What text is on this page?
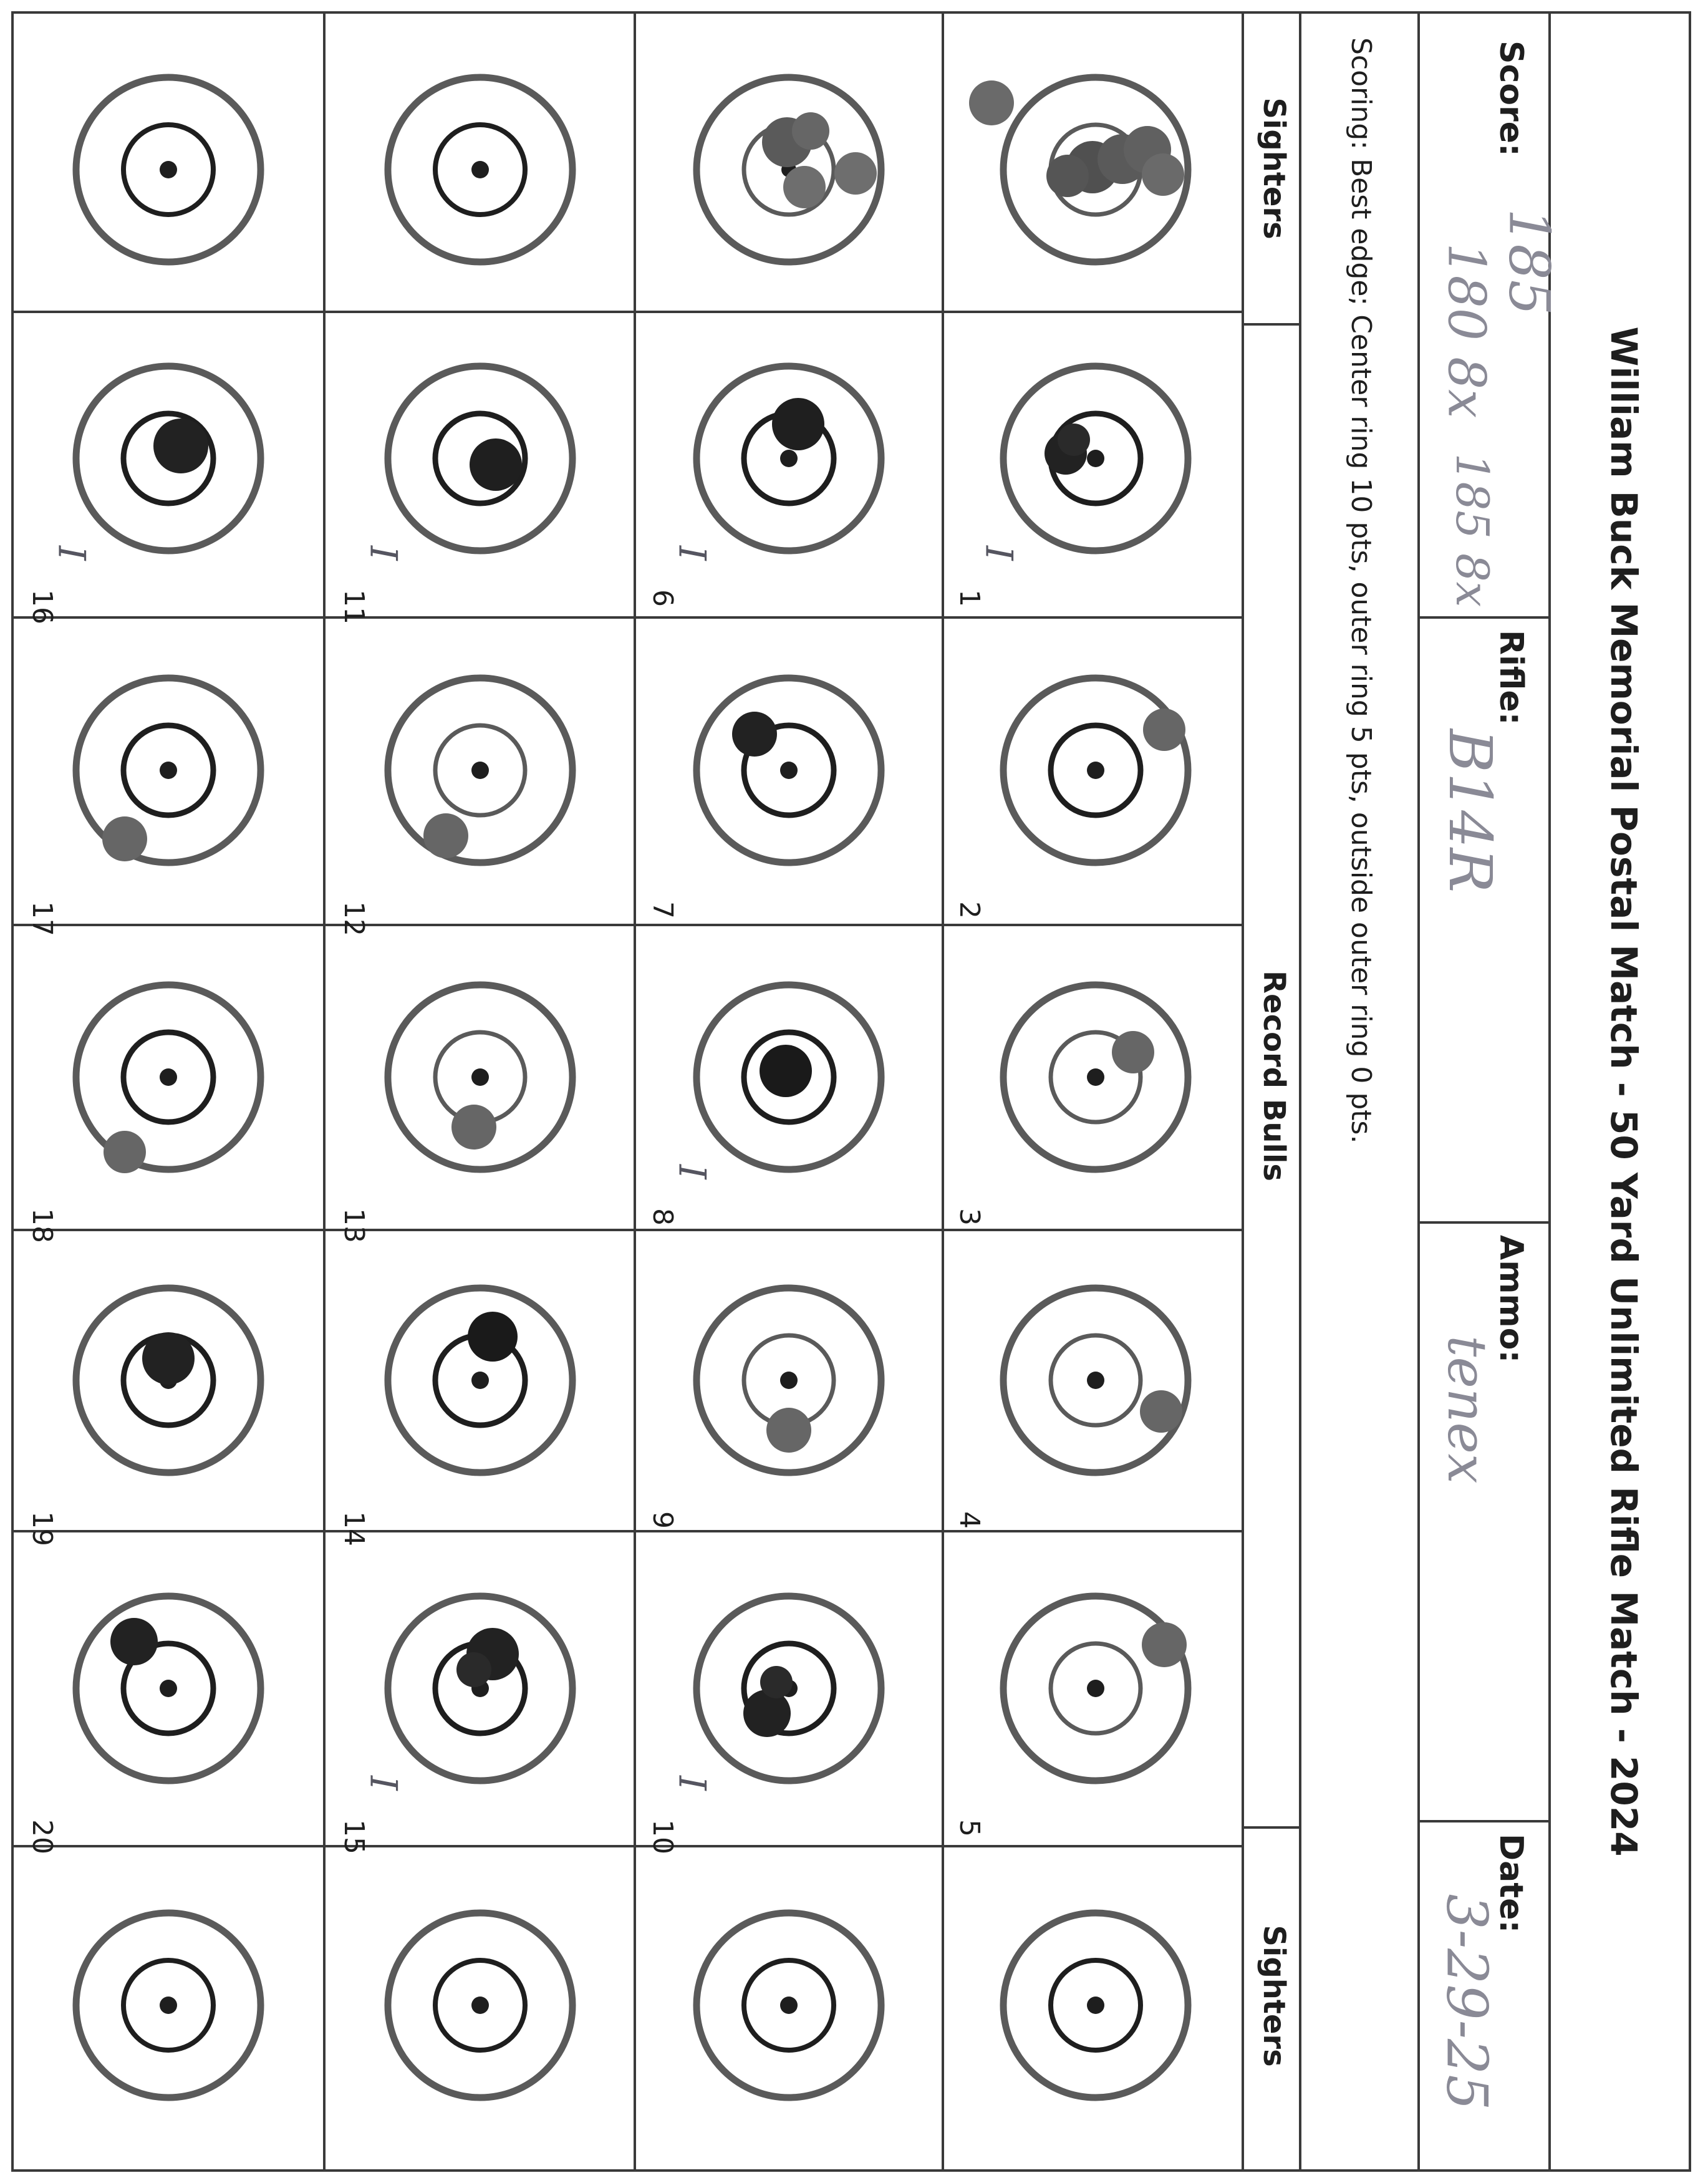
William Buck Memorial Postal Match - 50 Yard Unlimited Rifle Match - 2024
Score:
Rifle:
Ammo:
Date:
185
180 8x
185 8x
B14R
tenex
3-29-25
Scoring: Best edge; Center ring 10 pts, outer ring 5 pts, outside outer ring 0 pts.
Sighters
Record Bulls
Sighters
1
I
2
3
4
5
6
I
7
8
I
9
10
I
11
I
12
13
14
15
I
16
I
17
18
19
20
